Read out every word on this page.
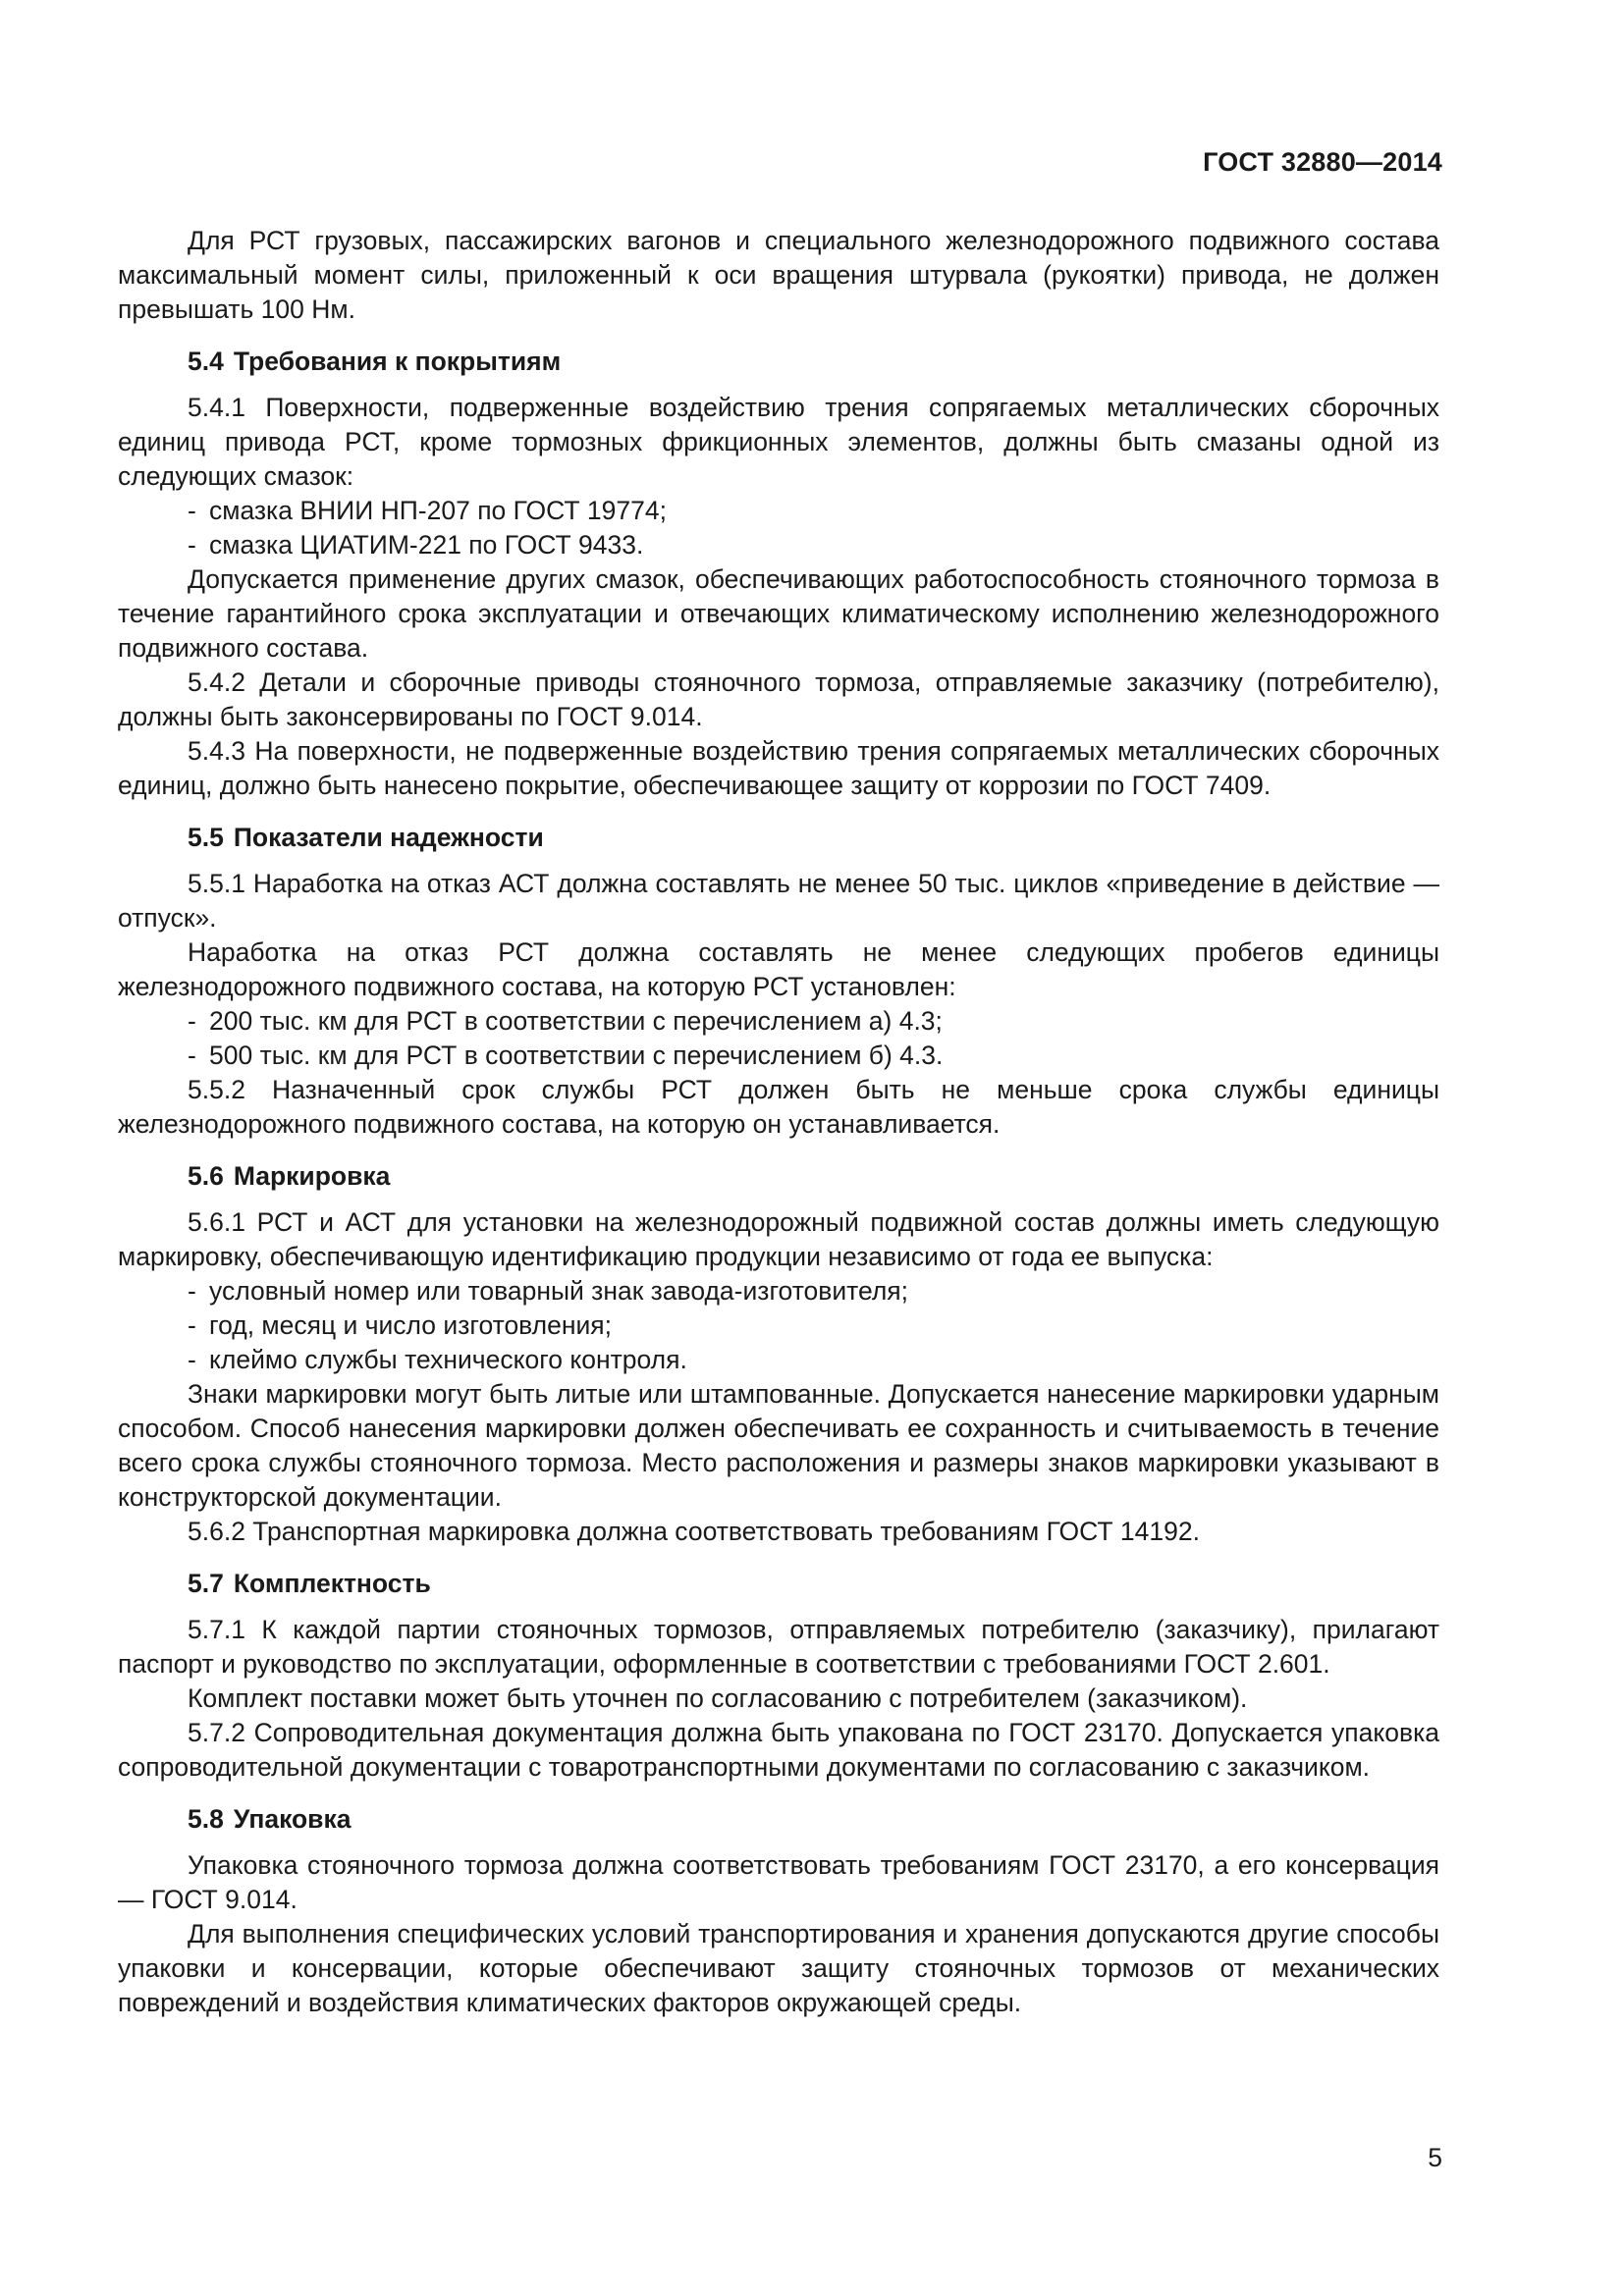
ГОСТ 32880—2014

Для РСТ грузовых, пассажирских вагонов и специального железнодорожного подвижного состава максимальный момент силы, приложенный к оси вращения штурвала (рукоятки) привода, не должен превышать 100 Нм.

5.4 Требования к покрытиям

5.4.1 Поверхности, подверженные воздействию трения сопрягаемых металлических сборочных единиц привода РСТ, кроме тормозных фрикционных элементов, должны быть смазаны одной из следующих смазок:

- смазка ВНИИ НП-207 по ГОСТ 19774;
- смазка ЦИАТИМ-221 по ГОСТ 9433.

Допускается применение других смазок, обеспечивающих работоспособность стояночного тормоза в течение гарантийного срока эксплуатации и отвечающих климатическому исполнению железнодорожного подвижного состава.

5.4.2 Детали и сборочные приводы стояночного тормоза, отправляемые заказчику (потребителю), должны быть законсервированы по ГОСТ 9.014.

5.4.3 На поверхности, не подверженные воздействию трения сопрягаемых металлических сборочных единиц, должно быть нанесено покрытие, обеспечивающее защиту от коррозии по ГОСТ 7409.

5.5 Показатели надежности

5.5.1 Наработка на отказ АСТ должна составлять не менее 50 тыс. циклов «приведение в действие — отпуск».

Наработка на отказ РСТ должна составлять не менее следующих пробегов единицы железнодорожного подвижного состава, на которую РСТ установлен:

- 200 тыс. км для РСТ в соответствии с перечислением а) 4.3;
- 500 тыс. км для РСТ в соответствии с перечислением б) 4.3.

5.5.2 Назначенный срок службы РСТ должен быть не меньше срока службы единицы железнодорожного подвижного состава, на которую он устанавливается.

5.6 Маркировка

5.6.1 РСТ и АСТ для установки на железнодорожный подвижной состав должны иметь следующую маркировку, обеспечивающую идентификацию продукции независимо от года ее выпуска:

- условный номер или товарный знак завода-изготовителя;
- год, месяц и число изготовления;
- клеймо службы технического контроля.

Знаки маркировки могут быть литые или штампованные. Допускается нанесение маркировки ударным способом. Способ нанесения маркировки должен обеспечивать ее сохранность и считываемость в течение всего срока службы стояночного тормоза. Место расположения и размеры знаков маркировки указывают в конструкторской документации.

5.6.2 Транспортная маркировка должна соответствовать требованиям ГОСТ 14192.

5.7 Комплектность

5.7.1 К каждой партии стояночных тормозов, отправляемых потребителю (заказчику), прилагают паспорт и руководство по эксплуатации, оформленные в соответствии с требованиями ГОСТ 2.601.

Комплект поставки может быть уточнен по согласованию с потребителем (заказчиком).

5.7.2 Сопроводительная документация должна быть упакована по ГОСТ 23170. Допускается упаковка сопроводительной документации с товаротранспортными документами по согласованию с заказчиком.

5.8 Упаковка

Упаковка стояночного тормоза должна соответствовать требованиям ГОСТ 23170, а его консервация — ГОСТ 9.014.

Для выполнения специфических условий транспортирования и хранения допускаются другие способы упаковки и консервации, которые обеспечивают защиту стояночных тормозов от механических повреждений и воздействия климатических факторов окружающей среды.

5
